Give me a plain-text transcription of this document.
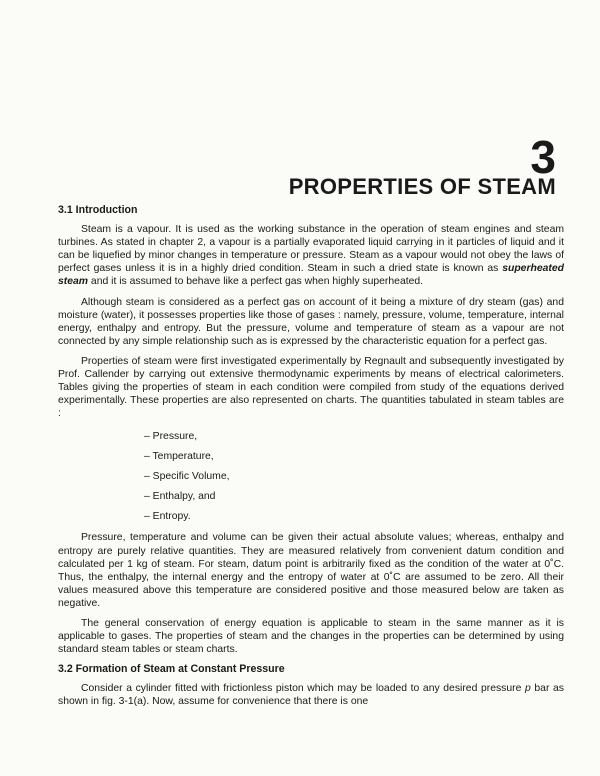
3
PROPERTIES OF STEAM
3.1 Introduction

Steam is a vapour. It is used as the working substance in the operation of steam engines and steam turbines. As stated in chapter 2, a vapour is a partially evaporated liquid carrying in it particles of liquid and it can be liquefied by minor changes in temperature or pressure. Steam as a vapour would not obey the laws of perfect gases unless it is in a highly dried condition. Steam in such a dried state is known as superheated steam and it is assumed to behave like a perfect gas when highly superheated.

Although steam is considered as a perfect gas on account of it being a mixture of dry steam (gas) and moisture (water), it possesses properties like those of gases : namely, pressure, volume, temperature, internal energy, enthalpy and entropy. But the pressure, volume and temperature of steam as a vapour are not connected by any simple relationship such as is expressed by the characteristic equation for a perfect gas.

Properties of steam were first investigated experimentally by Regnault and subsequently investigated by Prof. Callender by carrying out extensive thermodynamic experiments by means of electrical calorimeters. Tables giving the properties of steam in each condition were compiled from study of the equations derived experimentally. These properties are also represented on charts. The quantities tabulated in steam tables are :

– Pressure,
– Temperature,
– Specific Volume,
– Enthalpy, and
– Entropy.

Pressure, temperature and volume can be given their actual absolute values; whereas, enthalpy and entropy are purely relative quantities. They are measured relatively from convenient datum condition and calculated per 1 kg of steam. For steam, datum point is arbitrarily fixed as the condition of the water at 0˚C. Thus, the enthalpy, the internal energy and the entropy of water at 0˚C are assumed to be zero. All their values measured above this temperature are considered positive and those measured below are taken as negative.

The general conservation of energy equation is applicable to steam in the same manner as it is applicable to gases. The properties of steam and the changes in the properties can be determined by using standard steam tables or steam charts.

3.2 Formation of Steam at Constant Pressure

Consider a cylinder fitted with frictionless piston which may be loaded to any desired pressure p bar as shown in fig. 3-1(a). Now, assume for convenience that there is one
